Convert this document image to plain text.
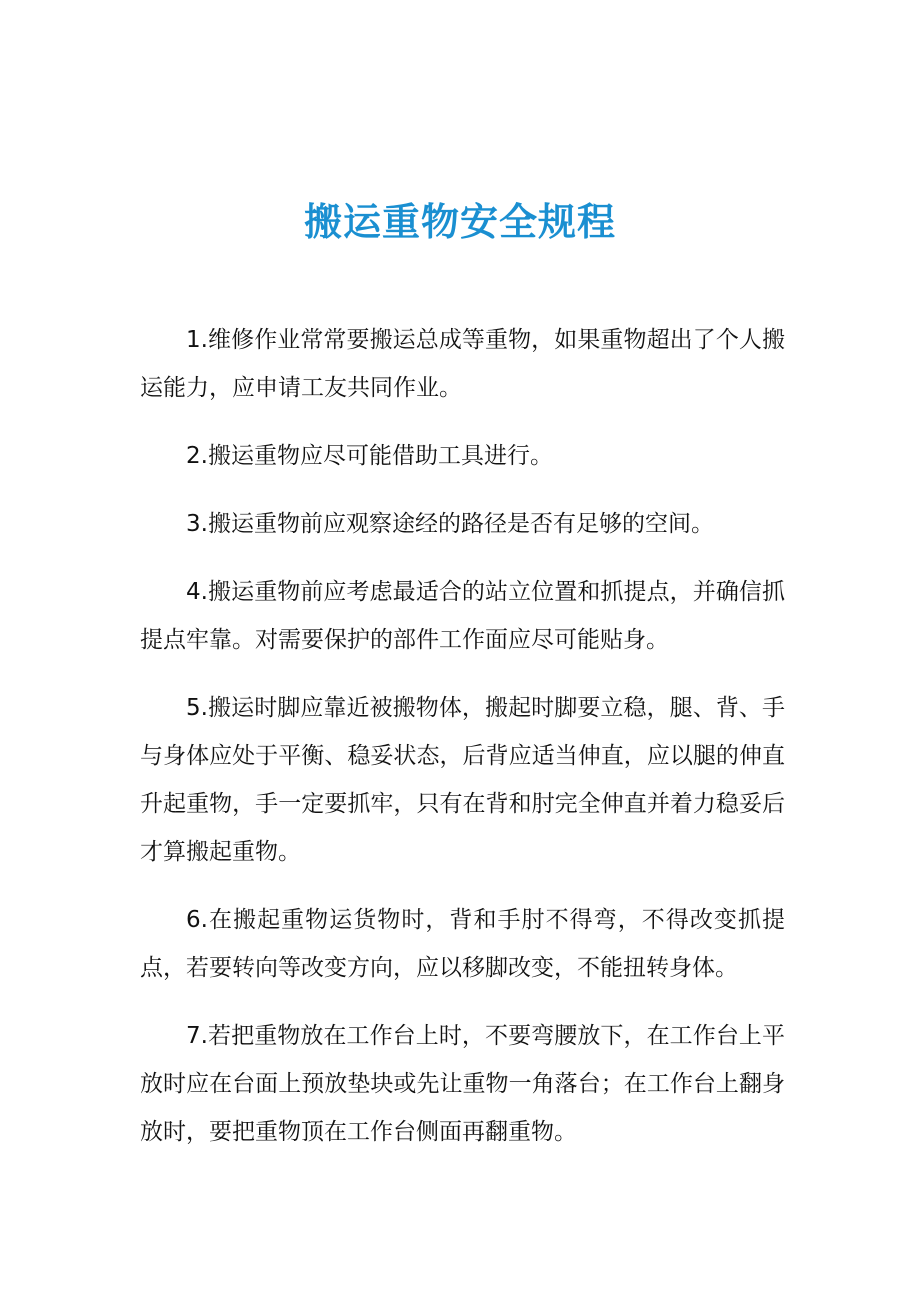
搬运重物安全规程

1.维修作业常常要搬运总成等重物，如果重物超出了个人搬运能力，应申请工友共同作业。

2.搬运重物应尽可能借助工具进行。

3.搬运重物前应观察途经的路径是否有足够的空间。

4.搬运重物前应考虑最适合的站立位置和抓提点，并确信抓提点牢靠。对需要保护的部件工作面应尽可能贴身。

5.搬运时脚应靠近被搬物体，搬起时脚要立稳，腿、背、手与身体应处于平衡、稳妥状态，后背应适当伸直，应以腿的伸直升起重物，手一定要抓牢，只有在背和肘完全伸直并着力稳妥后才算搬起重物。

6.在搬起重物运货物时，背和手肘不得弯，不得改变抓提点，若要转向等改变方向，应以移脚改变，不能扭转身体。

7.若把重物放在工作台上时，不要弯腰放下，在工作台上平放时应在台面上预放垫块或先让重物一角落台；在工作台上翻身放时，要把重物顶在工作台侧面再翻重物。
